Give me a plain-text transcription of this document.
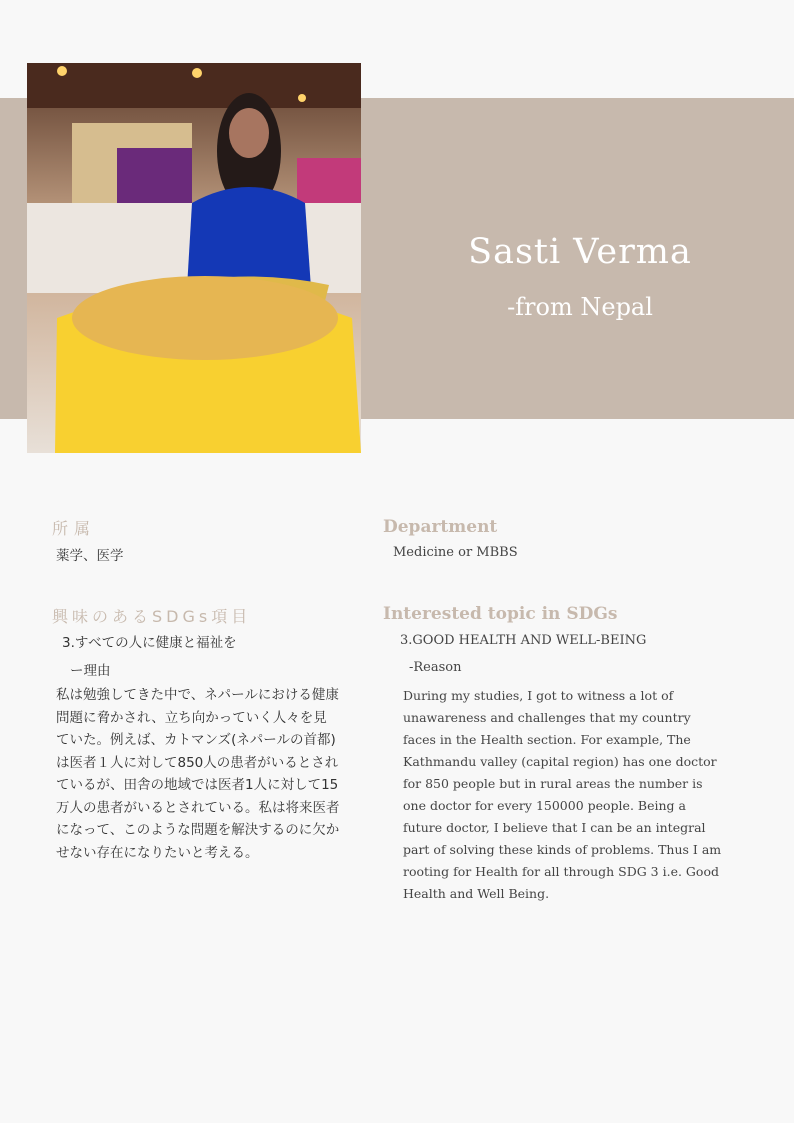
Sasti Verma
-from Nepal
所属
薬学、医学
Department
Medicine or MBBS
興味のあるSDGs項目
3.すべての人に健康と福祉を
ー理由
私は勉強してきた中で、ネパールにおける健康問題に脅かされ、立ち向かっていく人々を見ていた。例えば、カトマンズ(ネパールの首都)は医者１人に対して850人の患者がいるとされているが、田舎の地域では医者1人に対して15万人の患者がいるとされている。私は将来医者になって、このような問題を解決するのに欠かせない存在になりたいと考える。
Interested topic in SDGs
3.GOOD HEALTH AND WELL-BEING
-Reason
During my studies, I got to witness a lot of unawareness and challenges that my country faces in the Health section. For example, The Kathmandu valley (capital region) has one doctor for 850 people but in rural areas the number is one doctor for every 150000 people. Being a future doctor, I believe that I can be an integral part of solving these kinds of problems. Thus I am rooting for Health for all through SDG 3 i.e. Good Health and Well Being.
